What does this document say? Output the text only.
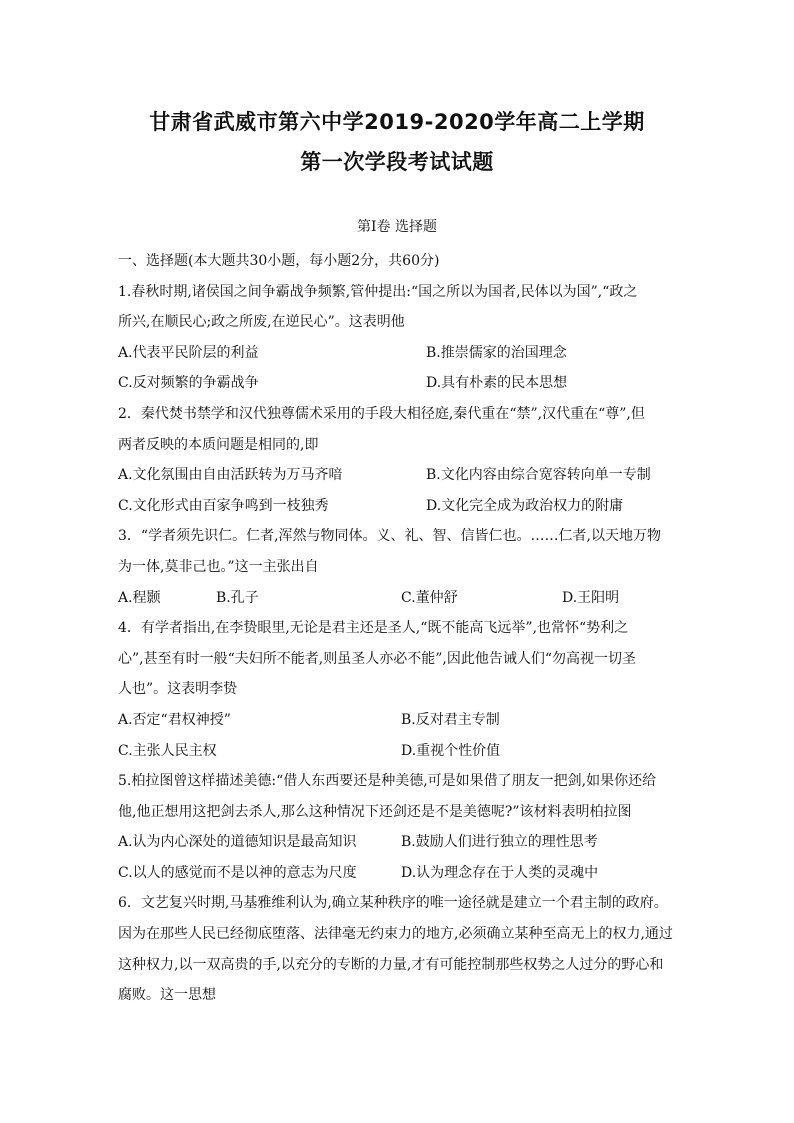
甘肃省武威市第六中学2019-2020学年高二上学期
第一次学段考试试题
第Ⅰ卷 选择题
一、选择题(本大题共30小题，每小题2分，共60分)
1.春秋时期,诸侯国之间争霸战争频繁,管仲提出:“国之所以为国者,民体以为国”,“政之
所兴,在顺民心;政之所废,在逆民心”。这表明他
A.代表平民阶层的利益	B.推崇儒家的治国理念
C.反对频繁的争霸战争	D.具有朴素的民本思想
2．秦代焚书禁学和汉代独尊儒术采用的手段大相径庭,秦代重在“禁”,汉代重在“尊”,但
两者反映的本质问题是相同的,即
A.文化氛围由自由活跃转为万马齐喑	B.文化内容由综合宽容转向单一专制
C.文化形式由百家争鸣到一枝独秀	D.文化完全成为政治权力的附庸
3．“学者须先识仁。仁者,浑然与物同体。义、礼、智、信皆仁也。……仁者,以天地万物
为一体,莫非己也。”这一主张出自
A.程颢	B.孔子	C.董仲舒	D.王阳明
4．有学者指出,在李贽眼里,无论是君主还是圣人,“既不能高飞远举”,也常怀“势利之
心”,甚至有时一般“夫妇所不能者,则虽圣人亦必不能”,因此他告诫人们“勿高视一切圣
人也”。这表明李贽
A.否定“君权神授”	B.反对君主专制
C.主张人民主权	D.重视个性价值
5.柏拉图曾这样描述美德:“借人东西要还是种美德,可是如果借了朋友一把剑,如果你还给
他,他正想用这把剑去杀人,那么这种情况下还剑还是不是美德呢?”该材料表明柏拉图
A.认为内心深处的道德知识是最高知识	B.鼓励人们进行独立的理性思考
C.以人的感觉而不是以神的意志为尺度	D.认为理念存在于人类的灵魂中
6．文艺复兴时期,马基雅维利认为,确立某种秩序的唯一途径就是建立一个君主制的政府。
因为在那些人民已经彻底堕落、法律毫无约束力的地方,必须确立某种至高无上的权力,通过
这种权力,以一双高贵的手,以充分的专断的力量,才有可能控制那些权势之人过分的野心和
腐败。这一思想
